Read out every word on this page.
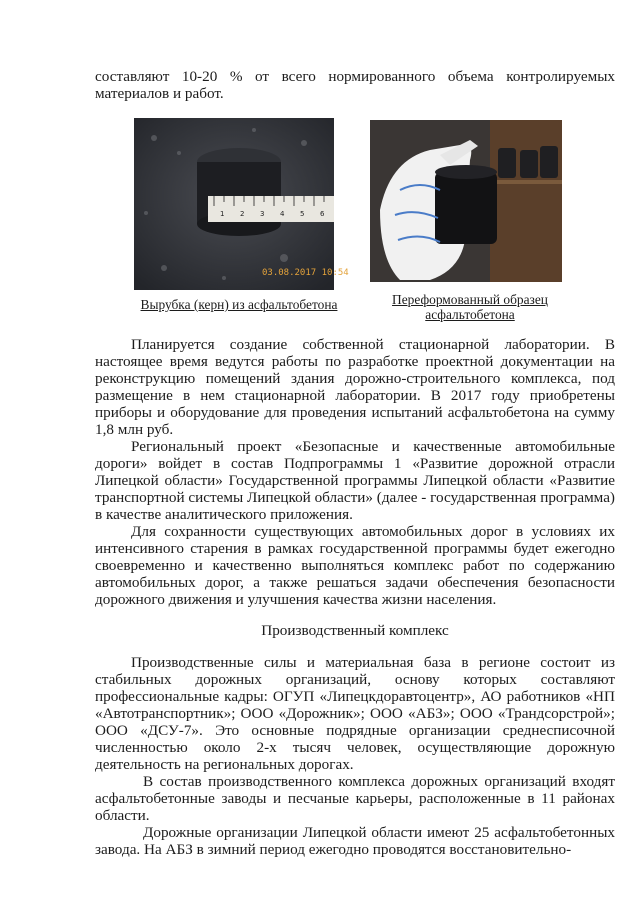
составляют 10-20 % от всего нормированного объема контролируемых материалов и работ.

1 2 3 4 5 6
03.08.2017 10:54
Вырубка (керн) из асфальтобетона	Переформованный образец
асфальтобетона

Планируется создание собственной стационарной лаборатории. В настоящее время ведутся работы по разработке проектной документации на реконструкцию помещений здания дорожно-строительного комплекса, под размещение в нем стационарной лаборатории. В 2017 году приобретены приборы и оборудование для проведения испытаний асфальтобетона на сумму 1,8 млн руб.

Региональный проект «Безопасные и качественные автомобильные дороги» войдет в состав Подпрограммы 1 «Развитие дорожной отрасли Липецкой области» Государственной программы Липецкой области «Развитие транспортной системы Липецкой области» (далее - государственная программа) в качестве аналитического приложения.

Для сохранности существующих автомобильных дорог в условиях их интенсивного старения в рамках государственной программы будет ежегодно своевременно и качественно выполняться комплекс работ по содержанию автомобильных дорог, а также решаться задачи обеспечения безопасности дорожного движения и улучшения качества жизни населения.

Производственный комплекс

Производственные силы и материальная база в регионе состоит из стабильных дорожных организаций, основу которых составляют профессиональные кадры: ОГУП «Липецкдоравтоцентр», АО работников «НП «Автотранспортник»; ООО «Дорожник»; ООО «АБЗ»; ООО «Трандсорстрой»; ООО «ДСУ-7». Это основные подрядные организации среднесписочной численностью около 2-х тысяч человек, осуществляющие дорожную деятельность на региональных дорогах.

В состав производственного комплекса дорожных организаций входят асфальтобетонные заводы и песчаные карьеры, расположенные в 11 районах области.

Дорожные организации Липецкой области имеют 25 асфальтобетонных завода. На АБЗ в зимний период ежегодно проводятся восстановительно-
